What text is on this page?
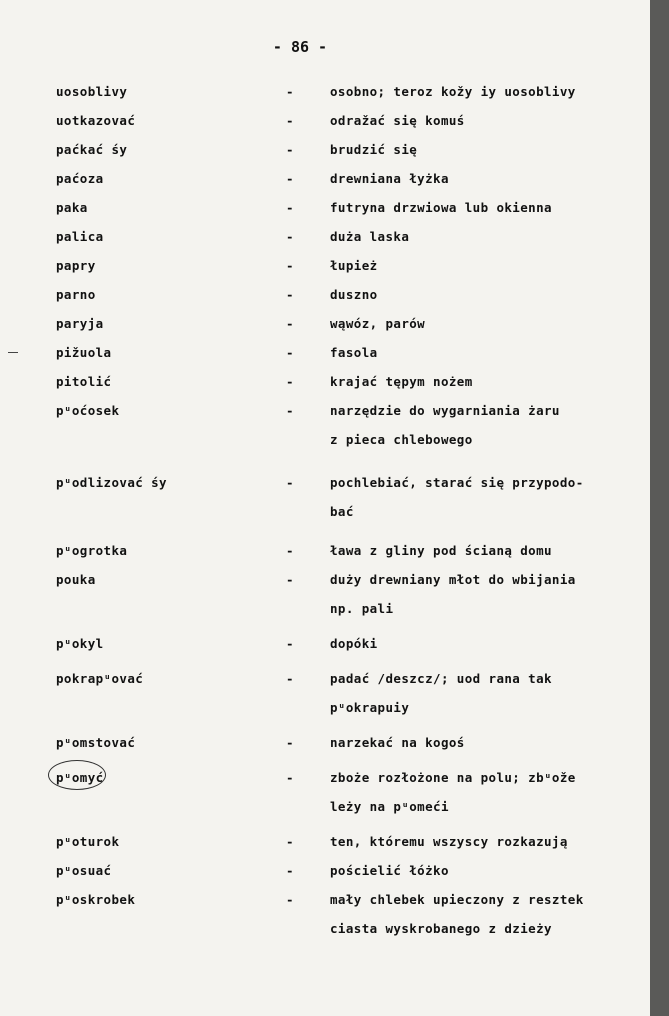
- 86 -
uosoblivy	-	osobno; teroz kožy iy uosoblivy
uotkazovać	-	odražać się komuś
paćkać śy	-	brudzić się
paćoza	-	drewniana łyżka
paka	-	futryna drzwiowa lub okienna
palica	-	duża laska
papry	-	łupież
parno	-	duszno
paryja	-	wąwóz, parów
pižuola	-	fasola
pitolić	-	krajać tępym nożem
pᵘoćosek	-	narzędzie do wygarniania żaru
z pieca chlebowego
pᵘodlizovać śy	-	pochlebiać, starać się przypodo-
bać
pᵘogrotka	-	ława z gliny pod ścianą domu
pouka	-	duży drewniany młot do wbijania
np. pali
pᵘokyl	-	dopóki
pokrapᵘovać	-	padać /deszcz/; uod rana tak
pᵘokrapuiy
pᵘomstovać	-	narzekać na kogoś
pᵘomyć	-	zboże rozłożone na polu; zbᵘože
leży na pᵘomeći
pᵘoturok	-	ten, któremu wszyscy rozkazują
pᵘosuać	-	pościelić łóżko
pᵘoskrobek	-	mały chlebek upieczony z resztek
ciasta wyskrobanego z dzieży
